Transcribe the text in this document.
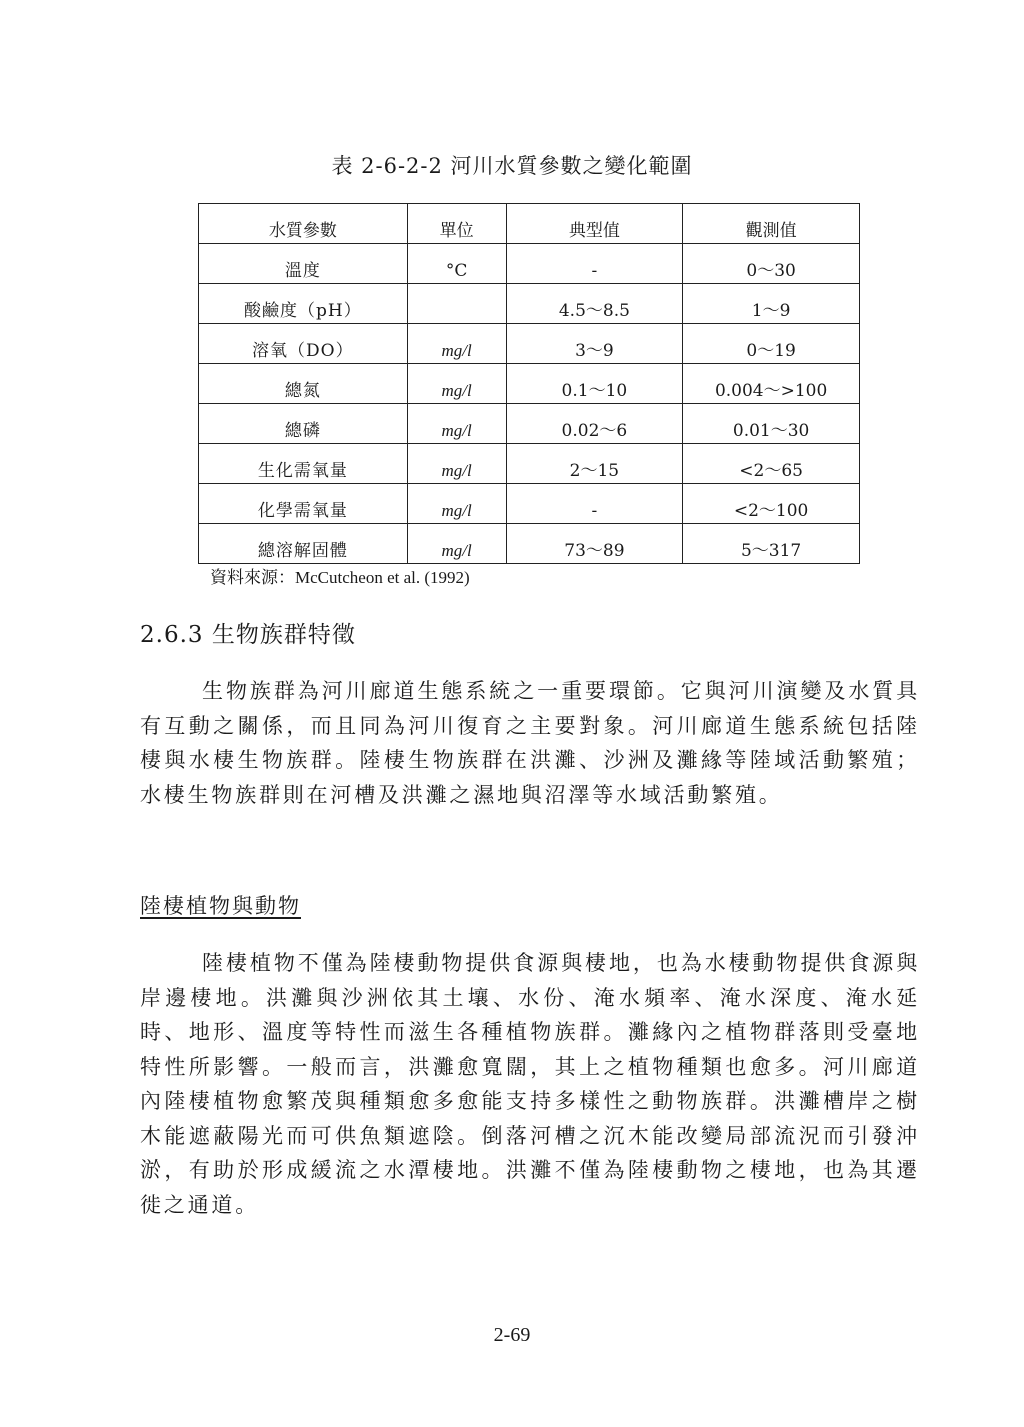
表 2-6-2-2 河川水質參數之變化範圍
水質參數	單位	典型值	觀測值
溫度	°C	-	0～30
酸鹼度（pH）		4.5～8.5	1～9
溶氧（DO）	mg/l	3～9	0～19
總氮	mg/l	0.1～10	0.004～>100
總磷	mg/l	0.02～6	0.01～30
生化需氧量	mg/l	2～15	<2～65
化學需氧量	mg/l	-	<2～100
總溶解固體	mg/l	73～89	5～317
資料來源：McCutcheon et al. (1992)
2.6.3 生物族群特徵

生物族群為河川廊道生態系統之一重要環節。它與河川演變及水質具有互動之關係，而且同為河川復育之主要對象。河川廊道生態系統包括陸棲與水棲生物族群。陸棲生物族群在洪灘、沙洲及灘緣等陸域活動繁殖；水棲生物族群則在河槽及洪灘之濕地與沼澤等水域活動繁殖。

陸棲植物與動物

陸棲植物不僅為陸棲動物提供食源與棲地，也為水棲動物提供食源與岸邊棲地。洪灘與沙洲依其土壤、水份、淹水頻率、淹水深度、淹水延時、地形、溫度等特性而滋生各種植物族群。灘緣內之植物群落則受臺地特性所影響。一般而言，洪灘愈寬闊，其上之植物種類也愈多。河川廊道內陸棲植物愈繁茂與種類愈多愈能支持多樣性之動物族群。洪灘槽岸之樹木能遮蔽陽光而可供魚類遮陰。倒落河槽之沉木能改變局部流況而引發沖淤，有助於形成緩流之水潭棲地。洪灘不僅為陸棲動物之棲地，也為其遷徙之通道。

2-69
